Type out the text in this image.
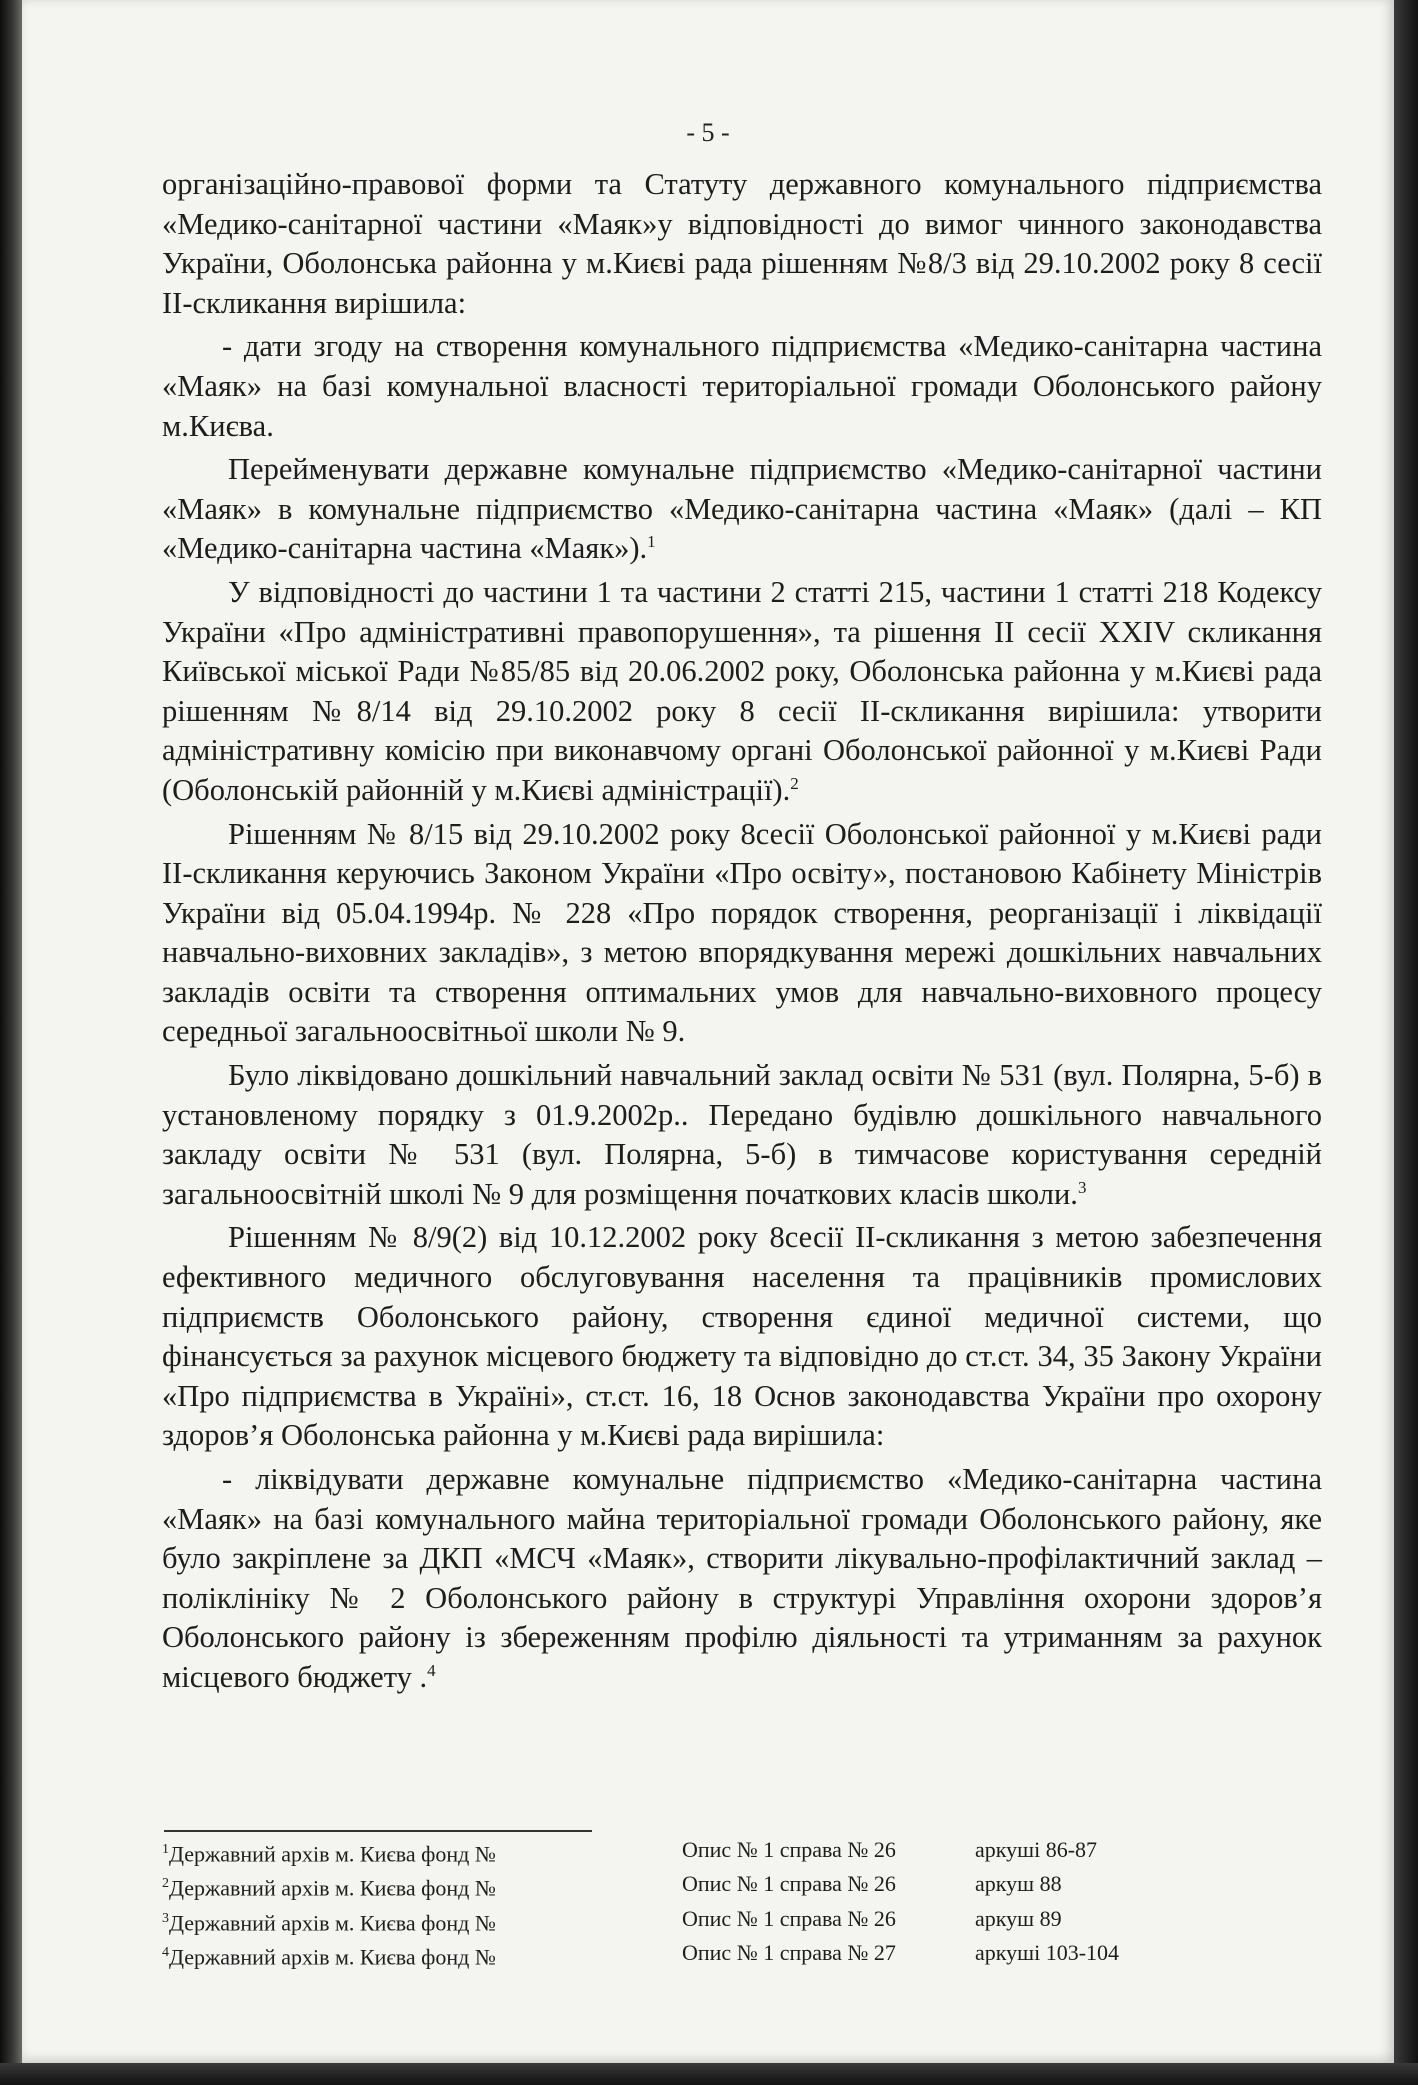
- 5 -

організаційно-правової форми та Статуту державного комунального підприємства «Медико-санітарної частини «Маяк»у відповідності до вимог чинного законодавства України, Оболонська районна у м.Києві рада рішенням №8/3 від 29.10.2002 року 8 сесії ІІ-скликання вирішила:

- дати згоду на створення комунального підприємства «Медико-санітарна частина «Маяк» на базі комунальної власності територіальної громади Оболонського району м.Києва.

Перейменувати державне комунальне підприємство «Медико-санітарної частини «Маяк» в комунальне підприємство «Медико-санітарна частина «Маяк» (далі – КП «Медико-санітарна частина «Маяк»).$^1$

У відповідності до частини 1 та частини 2 статті 215, частини 1 статті 218 Кодексу України «Про адміністративні правопорушення», та рішення ІІ сесії XXIV скликання Київської міської Ради №85/85 від 20.06.2002 року, Оболонська районна у м.Києві рада рішенням №8/14 від 29.10.2002 року 8 сесії ІІ-скликання вирішила: утворити адміністративну комісію при виконавчому органі Оболонської районної у м.Києві Ради (Оболонській районній у м.Києві адміністрації).$^2$

Рішенням № 8/15 від 29.10.2002 року 8сесії Оболонської районної у м.Києві ради ІІ-скликання керуючись Законом України «Про освіту», постановою Кабінету Міністрів України від 05.04.1994р. № 228 «Про порядок створення, реорганізації і ліквідації навчально-виховних закладів», з метою впорядкування мережі дошкільних навчальних закладів освіти та створення оптимальних умов для навчально-виховного процесу середньої загальноосвітньої школи № 9.

Було ліквідовано дошкільний навчальний заклад освіти № 531 (вул. Полярна, 5-б) в установленому порядку з 01.9.2002р.. Передано будівлю дошкільного навчального закладу освіти № 531 (вул. Полярна, 5-б) в тимчасове користування середній загальноосвітній школі № 9 для розміщення початкових класів школи.$^3$

Рішенням № 8/9(2) від 10.12.2002 року 8сесії ІІ-скликання з метою забезпечення ефективного медичного обслуговування населення та працівників промислових підприємств Оболонського району, створення єдиної медичної системи, що фінансується за рахунок місцевого бюджету та відповідно до ст.ст. 34, 35 Закону України «Про підприємства в Україні», ст.ст. 16, 18 Основ законодавства України про охорону здоров’я Оболонська районна у м.Києві рада вирішила:

- ліквідувати державне комунальне підприємство «Медико-санітарна частина «Маяк» на базі комунального майна територіальної громади Оболонського району, яке було закріплене за ДКП «МСЧ «Маяк», створити лікувально-профілактичний заклад – поліклініку № 2 Оболонського району в структурі Управління охорони здоров’я Оболонського району із збереженням профілю діяльності та утриманням за рахунок місцевого бюджету .$^4$

$^1$Державний архів м. Києва фонд №	Опис № 1 справа № 26	аркуші 86-87
$^2$Державний архів м. Києва фонд №	Опис № 1 справа № 26	аркуш 88
$^3$Державний архів м. Києва фонд №	Опис № 1 справа № 26	аркуш 89
$^4$Державний архів м. Києва фонд №	Опис № 1 справа № 27	аркуші 103-104
